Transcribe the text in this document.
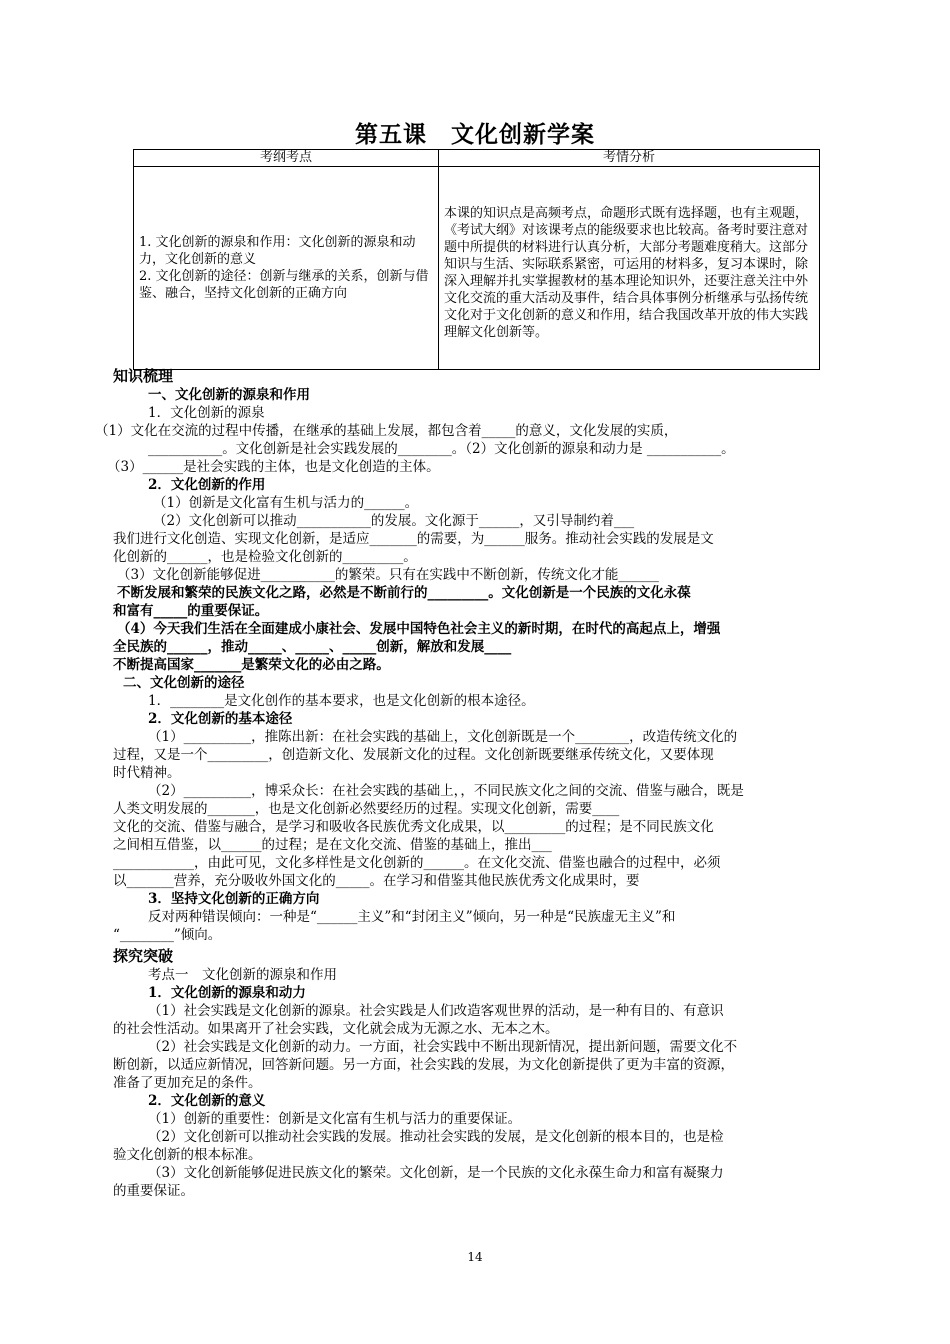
第五课　文化创新学案
考纲考点	考情分析
1. 文化创新的源泉和作用：文化创新的源泉和动力，文化创新的意义
2. 文化创新的途径：创新与继承的关系，创新与借鉴、融合，坚持文化创新的正确方向	本课的知识点是高频考点，命题形式既有选择题，也有主观题，《考试大纲》对该课考点的能级要求也比较高。备考时要注意对题中所提供的材料进行认真分析，大部分考题难度稍大。这部分知识与生活、实际联系紧密，可运用的材料多，复习本课时，除深入理解并扎实掌握教材的基本理论知识外，还要注意关注中外文化交流的重大活动及事件，结合具体事例分析继承与弘扬传统文化对于文化创新的意义和作用，结合我国改革开放的伟大实践理解文化创新等。
知识梳理
一、文化创新的源泉和作用
1．文化创新的源泉
（1）文化在交流的过程中传播，在继承的基础上发展，都包含着_____的意义，文化发展的实质，
___________。文化创新是社会实践发展的________。（2）文化创新的源泉和动力是 ___________。
（3）______是社会实践的主体，也是文化创造的主体。
2．文化创新的作用
（1）创新是文化富有生机与活力的______。
（2）文化创新可以推动___________的发展。文化源于______，又引导制约着___
我们进行文化创造、实现文化创新，是适应_______的需要，为______服务。推动社会实践的发展是文
化创新的______，也是检验文化创新的_________。
（3）文化创新能够促进___________的繁荣。只有在实践中不断创新，传统文化才能______
不断发展和繁荣的民族文化之路，必然是不断前行的_________。文化创新是一个民族的文化永葆
和富有_____的重要保证。
（4）今天我们生活在全面建成小康社会、发展中国特色社会主义的新时期，在时代的高起点上，增强
全民族的______，推动_____、_____、_____创新，解放和发展____
不断提高国家_______是繁荣文化的必由之路。
二、文化创新的途径
1．________是文化创作的基本要求，也是文化创新的根本途径。
2．文化创新的基本途径
（1）__________，推陈出新：在社会实践的基础上，文化创新既是一个________，改造传统文化的
过程，又是一个_________，创造新文化、发展新文化的过程。文化创新既要继承传统文化，又要体现
时代精神。
（2）__________，博采众长：在社会实践的基础上，，不同民族文化之间的交流、借鉴与融合，既是
人类文明发展的_______，也是文化创新必然要经历的过程。实现文化创新，需要____
文化的交流、借鉴与融合，是学习和吸收各民族优秀文化成果，以_________的过程；是不同民族文化
之间相互借鉴，以______的过程；是在文化交流、借鉴的基础上，推出___
____________，由此可见，文化多样性是文化创新的______。在文化交流、借鉴也融合的过程中，必须
以_______营养，充分吸收外国文化的_____。在学习和借鉴其他民族优秀文化成果时，要
3．坚持文化创新的正确方向
反对两种错误倾向：一种是“______主义”和“封闭主义”倾向，另一种是“民族虚无主义”和
“________”倾向。
探究突破
考点一　文化创新的源泉和作用
1．文化创新的源泉和动力
（1）社会实践是文化创新的源泉。社会实践是人们改造客观世界的活动，是一种有目的、有意识
的社会性活动。如果离开了社会实践，文化就会成为无源之水、无本之木。
（2）社会实践是文化创新的动力。一方面，社会实践中不断出现新情况，提出新问题，需要文化不
断创新，以适应新情况，回答新问题。另一方面，社会实践的发展，为文化创新提供了更为丰富的资源，
准备了更加充足的条件。
2．文化创新的意义
（1）创新的重要性：创新是文化富有生机与活力的重要保证。
（2）文化创新可以推动社会实践的发展。推动社会实践的发展，是文化创新的根本目的，也是检
验文化创新的根本标准。
（3）文化创新能够促进民族文化的繁荣。文化创新，是一个民族的文化永葆生命力和富有凝聚力
的重要保证。
14
